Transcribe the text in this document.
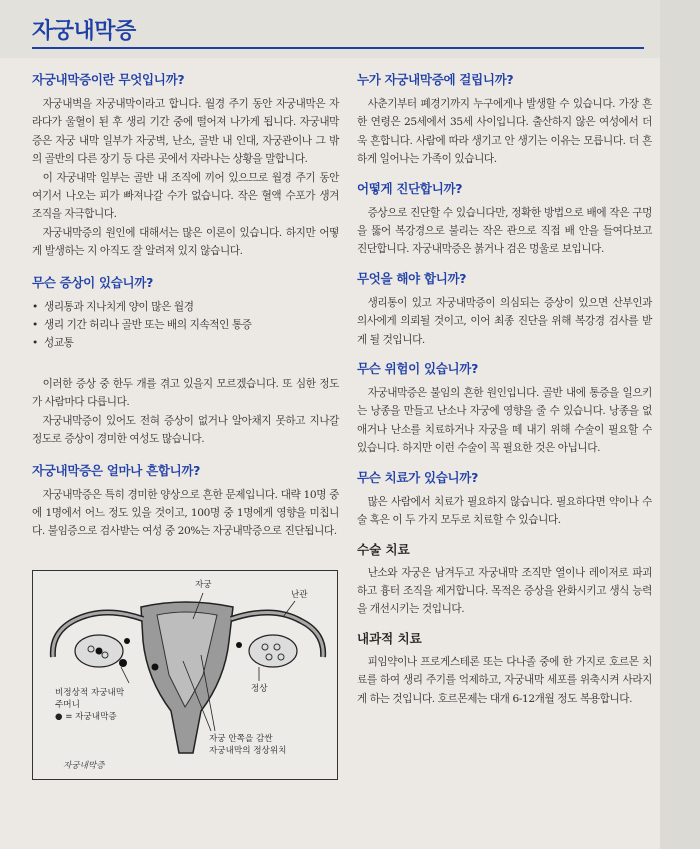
자궁내막증
자궁내막증이란 무엇입니까?

자궁내벽을 자궁내막이라고 합니다. 월경 주기 동안 자궁내막은 자라다가 울혈이 된 후 생리 기간 중에 떨어져 나가게 됩니다. 자궁내막증은 자궁 내막 일부가 자궁벽, 난소, 골반 내 인대, 자궁관이나 그 밖의 골반의 다른 장기 등 다른 곳에서 자라나는 상황을 말합니다.

이 자궁내막 일부는 골반 내 조직에 끼어 있으므로 월경 주기 동안 여기서 나오는 피가 빠져나갈 수가 없습니다. 작은 혈액 수포가 생겨 조직을 자극합니다.

자궁내막증의 원인에 대해서는 많은 이론이 있습니다. 하지만 어떻게 발생하는 지 아직도 잘 알려져 있지 않습니다.

무슨 증상이 있습니까?
• 생리통과 지나치게 양이 많은 월경
• 생리 기간 허리나 골반 또는 배의 지속적인 통증
• 성교통

이러한 증상 중 한두 개를 겪고 있을지 모르겠습니다. 또 심한 정도가 사람마다 다릅니다.

자궁내막증이 있어도 전혀 증상이 없거나 알아채지 못하고 지나갈 정도로 증상이 경미한 여성도 많습니다.

자궁내막증은 얼마나 흔합니까?

자궁내막증은 특히 경미한 양상으로 흔한 문제입니다. 대략 10명 중에 1명에서 어느 정도 있을 것이고, 100명 중 1명에게 영향을 미칩니다. 불임증으로 검사받는 여성 중 20%는 자궁내막증으로 진단됩니다.

자궁
난관
정상
비정상적 자궁내막
주머니
● = 자궁내막증
자궁 안쪽을 감싼
자궁내막의 정상위치
자궁내막증
누가 자궁내막증에 걸립니까?

사춘기부터 폐경기까지 누구에게나 발생할 수 있습니다. 가장 흔한 연령은 25세에서 35세 사이입니다. 출산하지 않은 여성에서 더욱 흔합니다. 사람에 따라 생기고 안 생기는 이유는 모릅니다. 더 흔하게 일어나는 가족이 있습니다.

어떻게 진단합니까?

증상으로 진단할 수 있습니다만, 정확한 방법으로 배에 작은 구멍을 뚫어 복강경으로 불리는 작은 관으로 직접 배 안을 들여다보고 진단합니다. 자궁내막증은 붉거나 검은 멍울로 보입니다.

무엇을 해야 합니까?

생리통이 있고 자궁내막증이 의심되는 증상이 있으면 산부인과 의사에게 의뢰될 것이고, 이어 최종 진단을 위해 복강경 검사를 받게 될 것입니다.

무슨 위험이 있습니까?

자궁내막증은 불임의 흔한 원인입니다. 골반 내에 통증을 일으키는 낭종을 만들고 난소나 자궁에 영향을 줄 수 있습니다. 낭종을 없애거나 난소를 치료하거나 자궁을 떼 내기 위해 수술이 필요할 수 있습니다. 하지만 이런 수술이 꼭 필요한 것은 아닙니다.

무슨 치료가 있습니까?

많은 사람에서 치료가 필요하지 않습니다. 필요하다면 약이나 수술 혹은 이 두 가지 모두로 치료할 수 있습니다.

수술 치료

난소와 자궁은 남겨두고 자궁내막 조직만 열이나 레이저로 파괴하고 흉터 조직을 제거합니다. 목적은 증상을 완화시키고 생식 능력을 개선시키는 것입니다.

내과적 치료

피임약이나 프로게스테론 또는 다나졸 중에 한 가지로 호르몬 치료를 하여 생리 주기를 억제하고, 자궁내막 세포를 위축시켜 사라지게 하는 것입니다. 호르몬제는 대개 6-12개월 정도 복용합니다.
